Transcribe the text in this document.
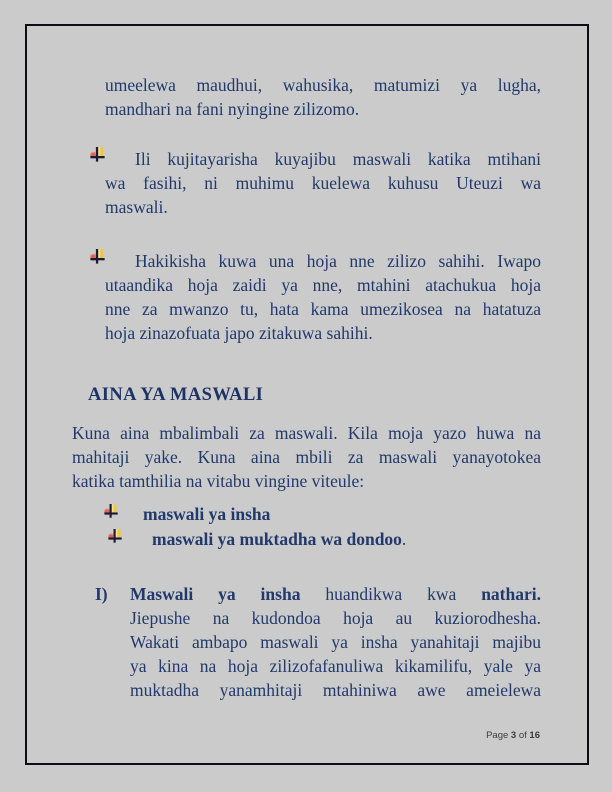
umeelewa maudhui, wahusika, matumizi ya lugha,
mandhari na fani nyingine zilizomo.
Ili kujitayarisha kuyajibu maswali katika mtihani
wa fasihi, ni muhimu kuelewa kuhusu Uteuzi wa
maswali.
Hakikisha kuwa una hoja nne zilizo sahihi. Iwapo
utaandika hoja zaidi ya nne, mtahini atachukua hoja
nne za mwanzo tu, hata kama umezikosea na hatatuza
hoja zinazofuata japo zitakuwa sahihi.
AINA YA MASWALI
Kuna aina mbalimbali za maswali. Kila moja yazo huwa na
mahitaji yake. Kuna aina mbili za maswali yanayotokea
katika tamthilia na vitabu vingine viteule:
maswali ya insha
maswali ya muktadha wa dondoo.
I) Maswali ya insha huandikwa kwa nathari.
Jiepushe na kudondoa hoja au kuziorodhesha.
Wakati ambapo maswali ya insha yanahitaji majibu
ya kina na hoja zilizofafanuliwa kikamilifu, yale ya
muktadha yanamhitaji mtahiniwa awe ameielewa
Page 3 of 16
